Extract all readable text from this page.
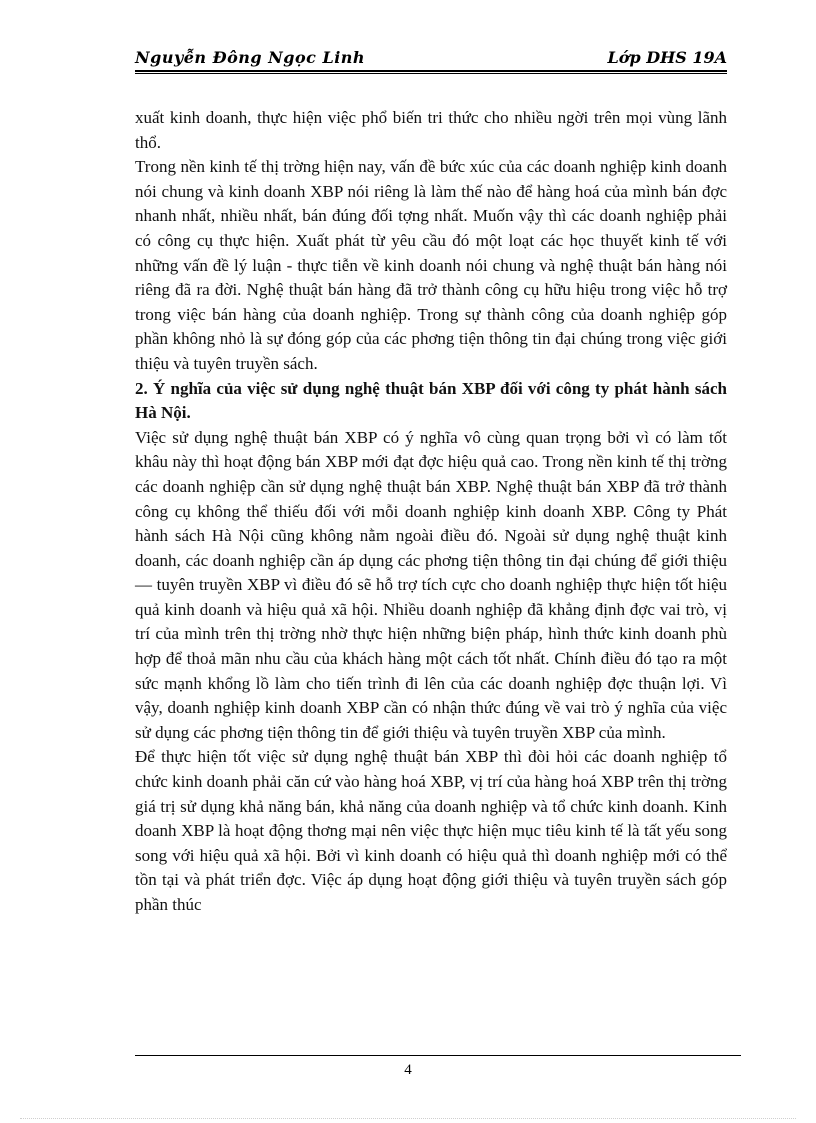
Nguyễn Đông Ngọc Linh	Lớp DHS 19A

xuất kinh doanh, thực hiện việc phổ biến tri thức cho nhiều ngời trên mọi vùng lãnh thổ.

Trong nền kinh tế thị trờng hiện nay, vấn đề bức xúc của các doanh nghiệp kinh doanh nói chung và kinh doanh XBP nói riêng là làm thế nào để hàng hoá của mình bán đợc nhanh nhất, nhiều nhất, bán đúng đối tợng nhất. Muốn vậy thì các doanh nghiệp phải có công cụ thực hiện. Xuất phát từ yêu cầu đó một loạt các học thuyết kinh tế với những vấn đề lý luận - thực tiễn về kinh doanh nói chung và nghệ thuật bán hàng nói riêng đã ra đời. Nghệ thuật bán hàng đã trở thành công cụ hữu hiệu trong việc hỗ trợ trong việc bán hàng của doanh nghiệp. Trong sự thành công của doanh nghiệp góp phần không nhỏ là sự đóng góp của các phơng tiện thông tin đại chúng trong việc giới thiệu và tuyên truyền sách.

2. Ý nghĩa của việc sử dụng nghệ thuật bán XBP đối với công ty phát hành sách Hà Nội.

Việc sử dụng nghệ thuật bán XBP có ý nghĩa vô cùng quan trọng bởi vì có làm tốt khâu này thì hoạt động bán XBP mới đạt đợc hiệu quả cao. Trong nền kinh tế thị trờng các doanh nghiệp cần sử dụng nghệ thuật bán XBP. Nghệ thuật bán XBP đã trở thành công cụ không thể thiếu đối với mỗi doanh nghiệp kinh doanh XBP. Công ty Phát hành sách Hà Nội cũng không nằm ngoài điều đó. Ngoài sử dụng nghệ thuật kinh doanh, các doanh nghiệp cần áp dụng các phơng tiện thông tin đại chúng để giới thiệu — tuyên truyền XBP vì điều đó sẽ hỗ trợ tích cực cho doanh nghiệp thực hiện tốt hiệu quả kinh doanh và hiệu quả xã hội. Nhiều doanh nghiệp đã khẳng định đợc vai trò, vị trí của mình trên thị trờng nhờ thực hiện những biện pháp, hình thức kinh doanh phù hợp để thoả mãn nhu cầu của khách hàng một cách tốt nhất. Chính điều đó tạo ra một sức mạnh khổng lồ làm cho tiến trình đi lên của các doanh nghiệp đợc thuận lợi. Vì vậy, doanh nghiệp kinh doanh XBP cần có nhận thức đúng về vai trò ý nghĩa của việc sử dụng các phơng tiện thông tin để giới thiệu và tuyên truyền XBP của mình.

Để thực hiện tốt việc sử dụng nghệ thuật bán XBP thì đòi hỏi các doanh nghiệp tổ chức kinh doanh phải căn cứ vào hàng hoá XBP, vị trí của hàng hoá XBP trên thị trờng giá trị sử dụng khả năng bán, khả năng của doanh nghiệp và tổ chức kinh doanh. Kinh doanh XBP là hoạt động thơng mại nên việc thực hiện mục tiêu kinh tế là tất yếu song song với hiệu quả xã hội. Bởi vì kinh doanh có hiệu quả thì doanh nghiệp mới có thể tồn tại và phát triển đợc. Việc áp dụng hoạt động giới thiệu và tuyên truyền sách góp phần thúc

4
